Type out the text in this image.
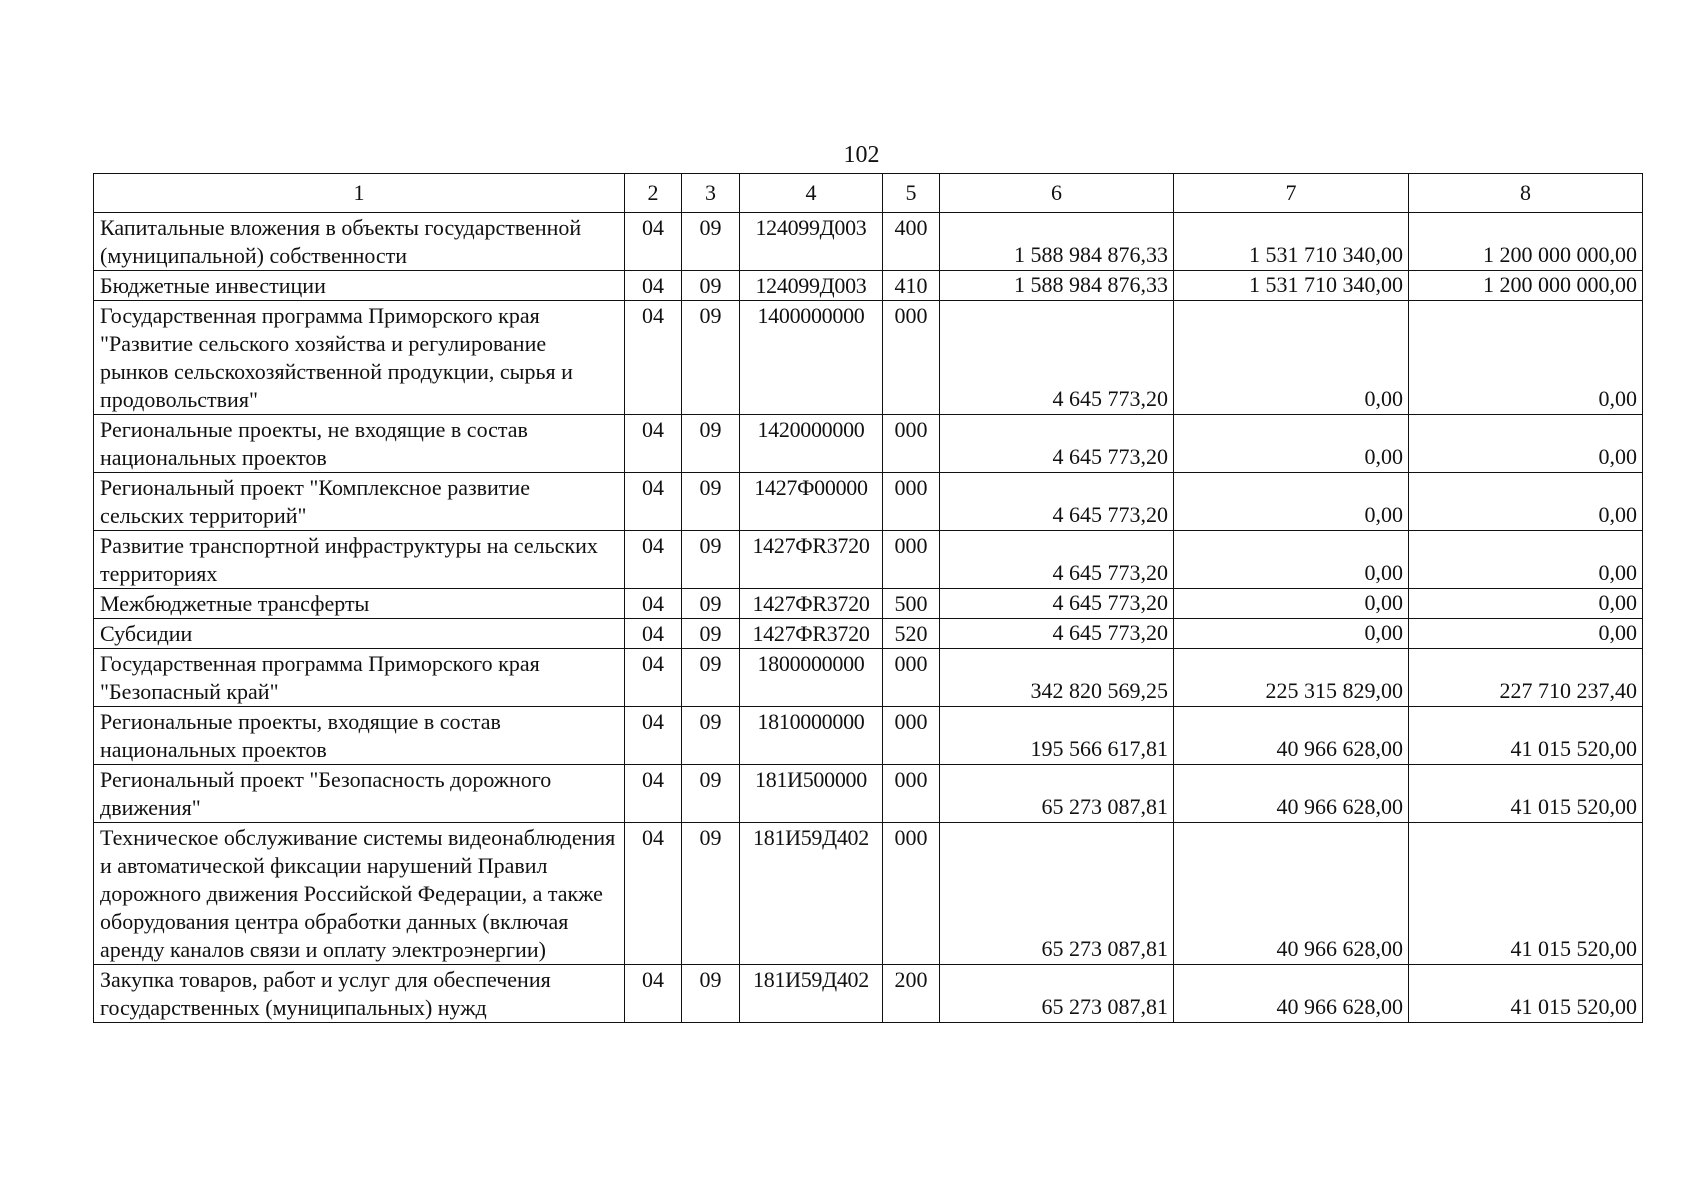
102
1	2	3	4	5	6	7	8
Капитальные вложения в объекты государственной (муниципальной) собственности	04	09	124099Д003	400	1 588 984 876,33	1 531 710 340,00	1 200 000 000,00
Бюджетные инвестиции	04	09	124099Д003	410	1 588 984 876,33	1 531 710 340,00	1 200 000 000,00
Государственная программа Приморского края "Развитие сельского хозяйства и регулирование рынков сельскохозяйственной продукции, сырья и продовольствия"	04	09	1400000000	000	4 645 773,20	0,00	0,00
Региональные проекты, не входящие в состав национальных проектов	04	09	1420000000	000	4 645 773,20	0,00	0,00
Региональный проект "Комплексное развитие сельских территорий"	04	09	1427Ф00000	000	4 645 773,20	0,00	0,00
Развитие транспортной инфраструктуры на сельских территориях	04	09	1427ФR3720	000	4 645 773,20	0,00	0,00
Межбюджетные трансферты	04	09	1427ФR3720	500	4 645 773,20	0,00	0,00
Субсидии	04	09	1427ФR3720	520	4 645 773,20	0,00	0,00
Государственная программа Приморского края "Безопасный край"	04	09	1800000000	000	342 820 569,25	225 315 829,00	227 710 237,40
Региональные проекты, входящие в состав национальных проектов	04	09	1810000000	000	195 566 617,81	40 966 628,00	41 015 520,00
Региональный проект "Безопасность дорожного движения"	04	09	181И500000	000	65 273 087,81	40 966 628,00	41 015 520,00
Техническое обслуживание системы видеонаблюдения и автоматической фиксации нарушений Правил дорожного движения Российской Федерации, а также оборудования центра обработки данных (включая аренду каналов связи и оплату электроэнергии)	04	09	181И59Д402	000	65 273 087,81	40 966 628,00	41 015 520,00
Закупка товаров, работ и услуг для обеспечения государственных (муниципальных) нужд	04	09	181И59Д402	200	65 273 087,81	40 966 628,00	41 015 520,00
